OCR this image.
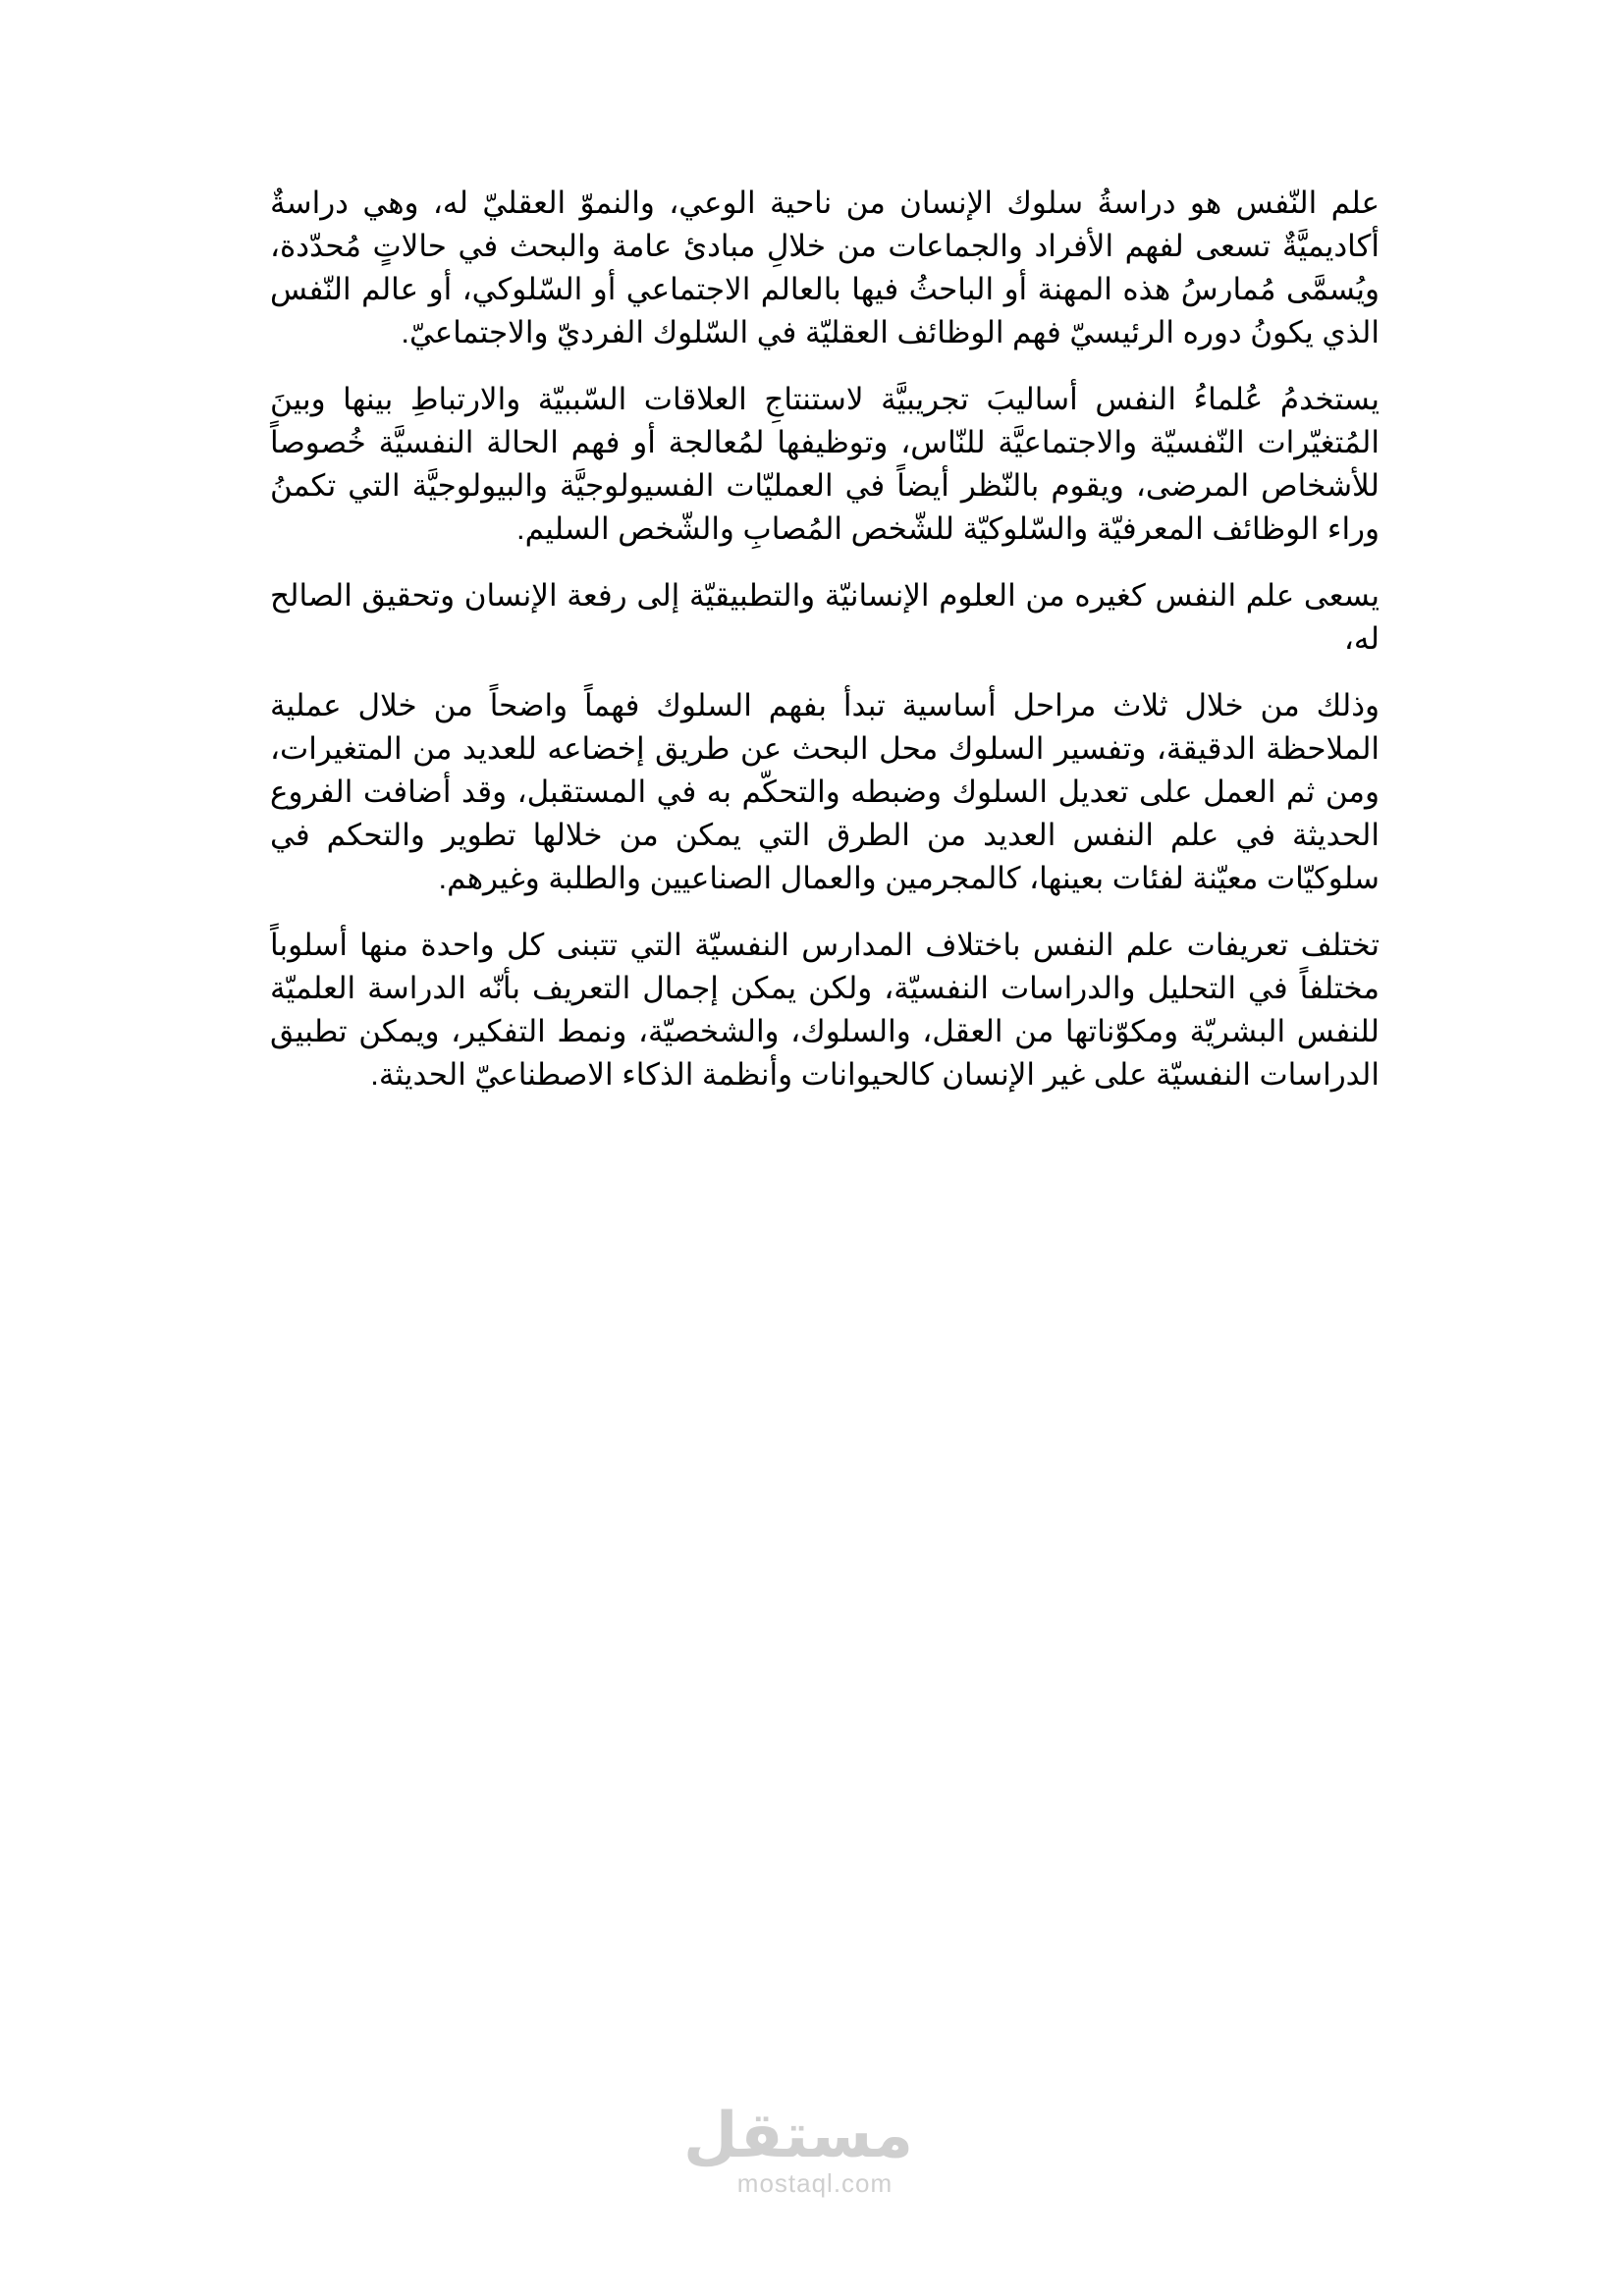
علم النّفس هو دراسةُ سلوك الإنسان من ناحية الوعي، والنموّ العقليّ له، وهي دراسةٌ أكاديميَّةٌ تسعى لفهم الأفراد والجماعات من خلالِ مبادئ عامة والبحث في حالاتٍ مُحدّدة، ويُسمَّى مُمارسُ هذه المهنة أو الباحثُ فيها بالعالم الاجتماعي أو السّلوكي، أو عالم النّفس الذي يكونُ دوره الرئيسيّ فهم الوظائف العقليّة في السّلوك الفرديّ والاجتماعيّ.

يستخدمُ عُلماءُ النفس أساليبَ تجريبيَّة لاستنتاجِ العلاقات السّببيّة والارتباطِ بينها وبينَ المُتغيّرات النّفسيّة والاجتماعيَّة للنّاس، وتوظيفها لمُعالجة أو فهم الحالة النفسيَّة خُصوصاً للأشخاص المرضى، ويقوم بالنّظر أيضاً في العمليّات الفسيولوجيَّة والبيولوجيَّة التي تكمنُ وراء الوظائف المعرفيّة والسّلوكيّة للشّخص المُصابِ والشّخص السليم.

يسعى علم النفس كغيره من العلوم الإنسانيّة والتطبيقيّة إلى رفعة الإنسان وتحقيق الصالح له،

وذلك من خلال ثلاث مراحل أساسية تبدأ بفهم السلوك فهماً واضحاً من خلال عملية الملاحظة الدقيقة، وتفسير السلوك محل البحث عن طريق إخضاعه للعديد من المتغيرات، ومن ثم العمل على تعديل السلوك وضبطه والتحكّم به في المستقبل، وقد أضافت الفروع الحديثة في علم النفس العديد من الطرق التي يمكن من خلالها تطوير والتحكم في سلوكيّات معيّنة لفئات بعينها، كالمجرمين والعمال الصناعيين والطلبة وغيرهم.

تختلف تعريفات علم النفس باختلاف المدارس النفسيّة التي تتبنى كل واحدة منها أسلوباً مختلفاً في التحليل والدراسات النفسيّة، ولكن يمكن إجمال التعريف بأنّه الدراسة العلميّة للنفس البشريّة ومكوّناتها من العقل، والسلوك، والشخصيّة، ونمط التفكير، ويمكن تطبيق الدراسات النفسيّة على غير الإنسان كالحيوانات وأنظمة الذكاء الاصطناعيّ الحديثة.

مستقل
mostaql.com
